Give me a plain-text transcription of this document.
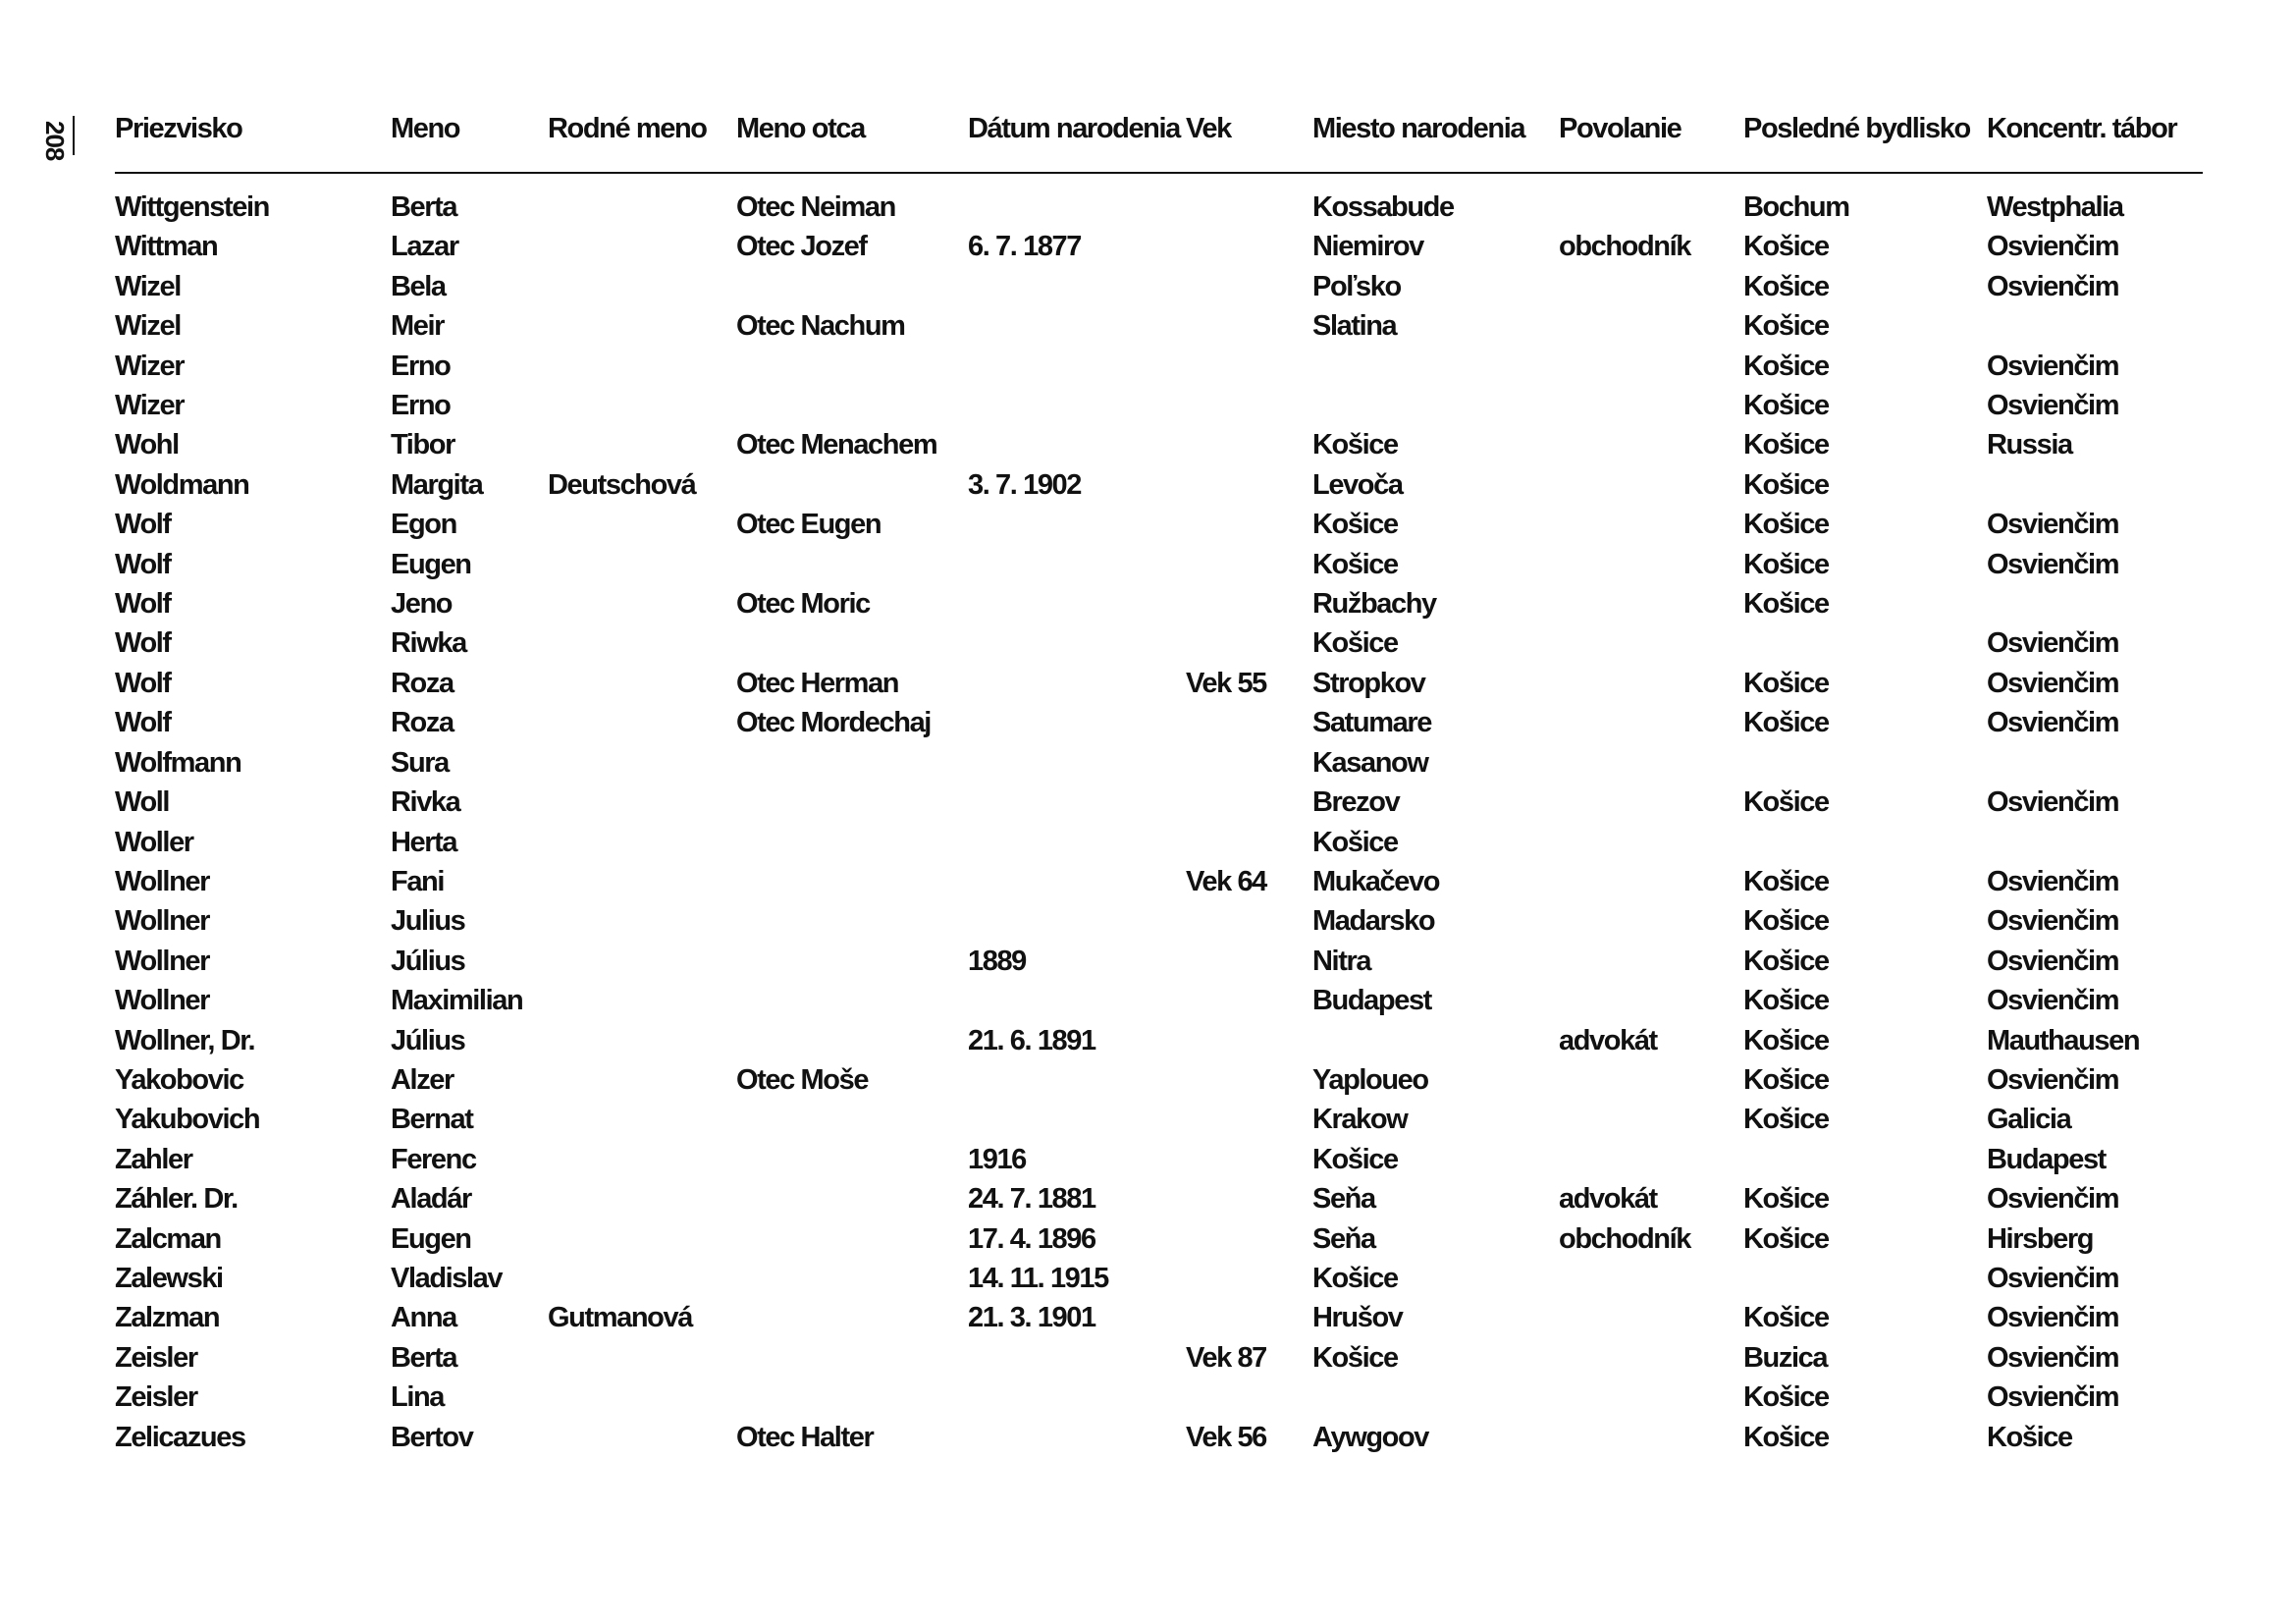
208 Priezvisko	Meno	Rodné meno	Meno otca	Dátum narodenia	Vek	Miesto narodenia	Povolanie	Posledné bydlisko	Koncentr. tábor

Wittgenstein	Berta		Otec Neiman			Kossabude		Bochum	Westphalia
Wittman	Lazar		Otec Jozef	6. 7. 1877		Niemirov	obchodník	Košice	Osvienčim
Wizel	Bela					Poľsko		Košice	Osvienčim
Wizel	Meir		Otec Nachum			Slatina		Košice	
Wizer	Erno							Košice	Osvienčim
Wizer	Erno							Košice	Osvienčim
Wohl	Tibor		Otec Menachem			Košice		Košice	Russia
Woldmann	Margita	Deutschová		3. 7. 1902		Levoča		Košice	
Wolf	Egon		Otec Eugen			Košice		Košice	Osvienčim
Wolf	Eugen					Košice		Košice	Osvienčim
Wolf	Jeno		Otec Moric			Ružbachy		Košice	
Wolf	Riwka					Košice			Osvienčim
Wolf	Roza		Otec Herman		Vek 55	Stropkov		Košice	Osvienčim
Wolf	Roza		Otec Mordechaj			Satumare		Košice	Osvienčim
Wolfmann	Sura					Kasanow			
Woll	Rivka					Brezov		Košice	Osvienčim
Woller	Herta					Košice			
Wollner	Fani				Vek 64	Mukačevo		Košice	Osvienčim
Wollner	Julius					Madarsko		Košice	Osvienčim
Wollner	Július			1889		Nitra		Košice	Osvienčim
Wollner	Maximilian					Budapest		Košice	Osvienčim
Wollner, Dr.	Július			21. 6. 1891			advokát	Košice	Mauthausen
Yakobovic	Alzer		Otec Moše			Yaploueo		Košice	Osvienčim
Yakubovich	Bernat					Krakow		Košice	Galicia
Zahler	Ferenc			1916		Košice			Budapest
Záhler. Dr.	Aladár			24. 7. 1881		Seňa	advokát	Košice	Osvienčim
Zalcman	Eugen			17. 4. 1896		Seňa	obchodník	Košice	Hirsberg
Zalewski	Vladislav			14. 11. 1915		Košice			Osvienčim
Zalzman	Anna	Gutmanová		21. 3. 1901		Hrušov		Košice	Osvienčim
Zeisler	Berta				Vek 87	Košice		Buzica	Osvienčim
Zeisler	Lina							Košice	Osvienčim
Zelicazues	Bertov		Otec Halter		Vek 56	Aywgoov		Košice	Košice
